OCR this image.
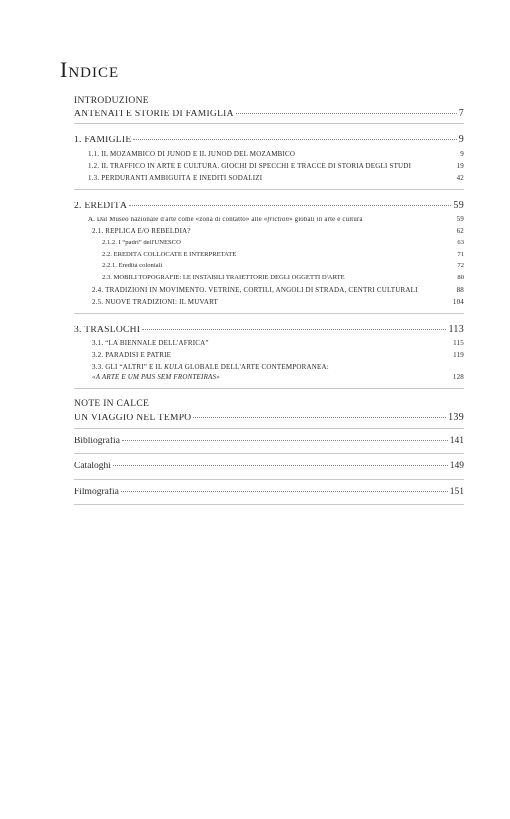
Indice
INTRODUZIONE
ANTENATI E STORIE DI FAMIGLIA	7
1. FAMIGLIE	9
1.1. IL MOZAMBICO DI JUNOD E IL JUNOD DEL MOZAMBICO	9
1.2. IL TRAFFICO IN ARTE E CULTURA. GIOCHI DI SPECCHI E TRACCE DI STORIA DEGLI STUDI	19
1.3. PERDURANTI AMBIGUITÀ E INEDITI SODALIZI	42
2. EREDITÀ	59
A. Dal Museo nazionale d'arte come «zona di contatto» alle «friction» globali in arte e cultura	59
2.1. RÉPLICA E/O REBELDIA?	62
2.1.2. I “padri” dell'UNESCO	63
2.2. EREDITÀ COLLOCATE E INTERPRETATE	71
2.2.1. Eredità coloniali	72
2.3. MOBILI TOPOGRAFIE: LE INSTABILI TRAIETTORIE DEGLI OGGETTI D'ARTE	80
2.4. TRADIZIONI IN MOVIMENTO. VETRINE, CORTILI, ANGOLI DI STRADA, CENTRI CULTURALI	88
2.5. NUOVE TRADIZIONI: IL MUVART	104
3. TRASLOCHI	113
3.1. “LA BIENNALE DELL'AFRICA”	115
3.2. PARADISI E PATRIE	119
3.3. GLI “ALTRI” E IL KULA GLOBALE DELL'ARTE CONTEMPORANEA:
«A ARTE É UM PAÍS SEM FRONTEIRAS»	128
NOTE IN CALCE
UN VIAGGIO NEL TEMPO	139
Bibliografia	141
Cataloghi	149
Filmografia	151
